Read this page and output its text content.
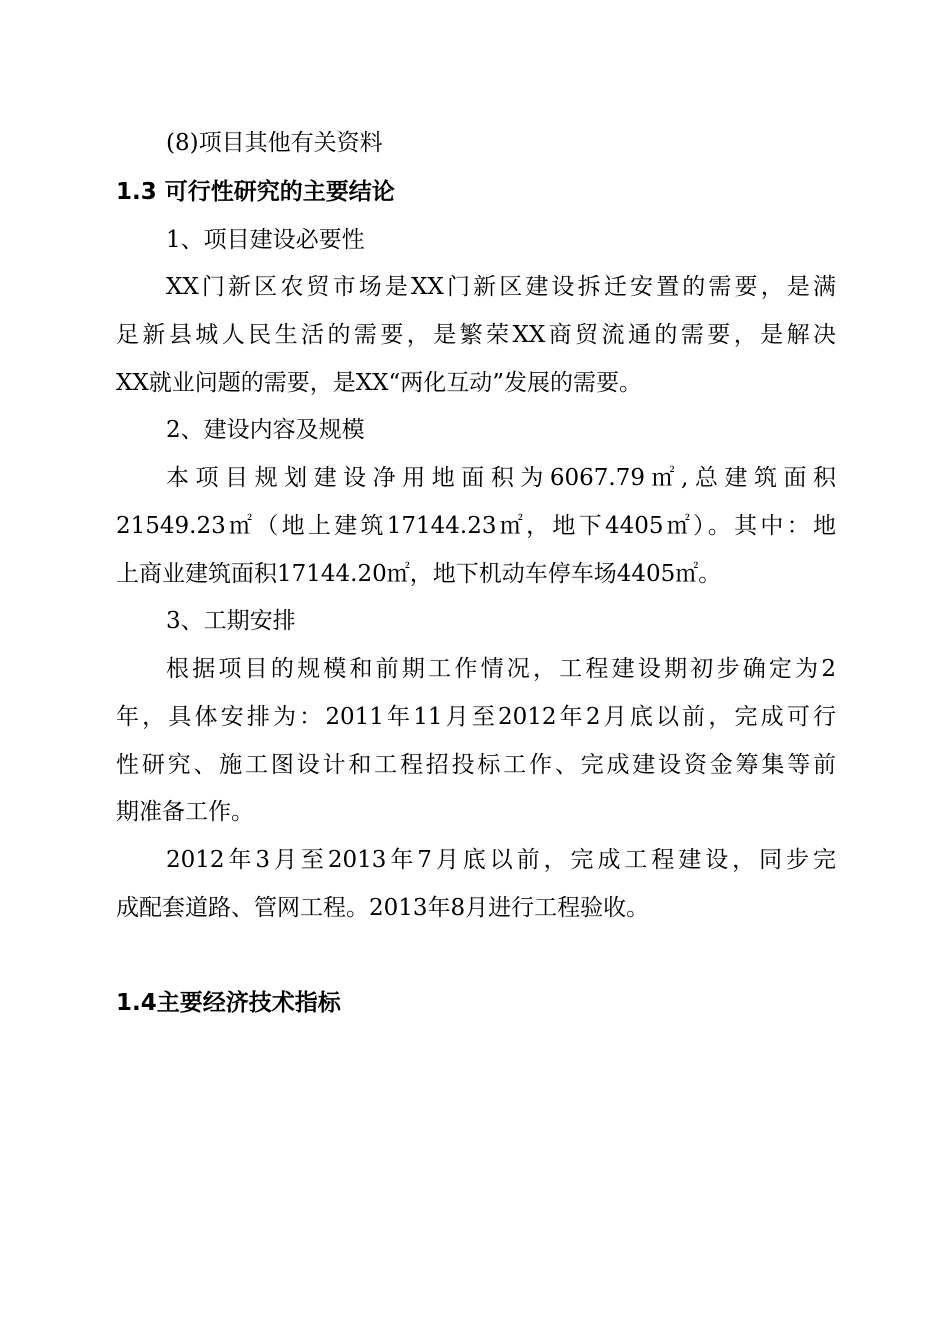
(8)项目其他有关资料
1.3 可行性研究的主要结论
1、项目建设必要性
XX门新区农贸市场是XX门新区建设拆迁安置的需要，是满
足新县城人民生活的需要，是繁荣XX商贸流通的需要，是解决
XX就业问题的需要，是XX“两化互动”发展的需要。
2、建设内容及规模
本项目规划建设净用地面积为6067.79㎡,总建筑面积
21549.23㎡（地上建筑17144.23㎡，地下4405㎡）。其中：地
上商业建筑面积17144.20㎡，地下机动车停车场4405㎡。
3、工期安排
根据项目的规模和前期工作情况，工程建设期初步确定为2
年，具体安排为：2011年11月至2012年2月底以前，完成可行
性研究、施工图设计和工程招投标工作、完成建设资金筹集等前
期准备工作。
2012年3月至2013年7月底以前，完成工程建设，同步完
成配套道路、管网工程。2013年8月进行工程验收。
1.4主要经济技术指标
